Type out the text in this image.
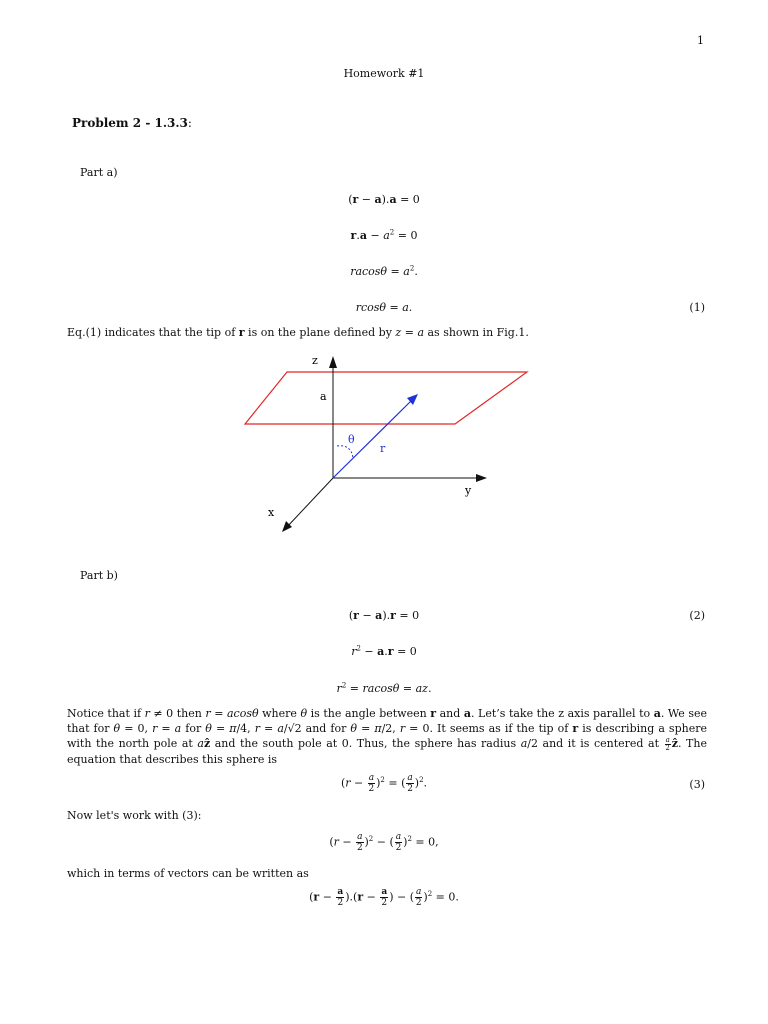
1
Homework #1
Problem 2 - 1.3.3:
Part a)
(r − a).a = 0
$r.a - a^2 = 0$
$racos\theta = a^2$.
rcosθ = a.	(1)
Eq.(1) indicates that the tip of r is on the plane defined by z = a as shown in Fig.1.
z
a
θ
r
y
x
Part b)
(r − a).r = 0	(2)
$r^2 - a.r = 0$
$r^2 = racos\theta$ = az.
Notice that if r ≠ 0 then r = acosθ where θ is the angle between r and a. Let’s take the z axis parallel to a. We see that for θ = 0, r = a for θ = π/4, r = a/√2 and for θ = π/2, r = 0. It seems as if the tip of r is describing a sphere with the north pole at aẑ and the south pole at 0. Thus, the sphere has radius a/2 and it is centered at $\frac{a}{2}$ ẑ. The equation that describes this sphere is
$(r - \frac{a}{2} )^2$ = ( $\frac{a}{2} )^2$.	(3)
Now let's work with (3):
$(r - \frac{a}{2} )^2$ − ( $\frac{a}{2} )^2 = 0$,
which in terms of vectors can be written as
$(r - \frac{a}{2} ).(r - \frac{a}{2}$ ) − ( $\frac{a}{2} )^2 = 0$.
